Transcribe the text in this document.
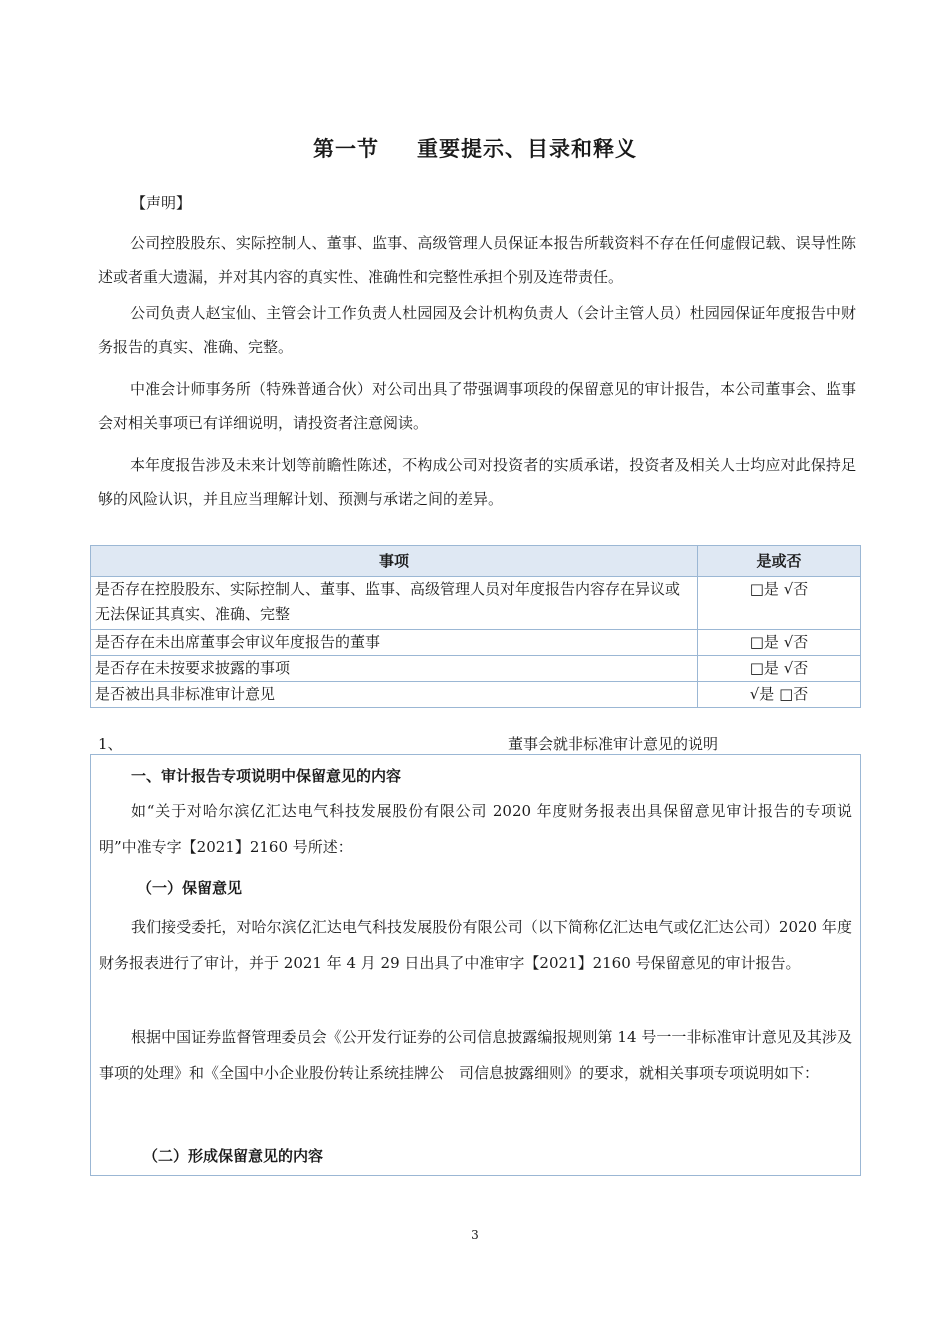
第一节 重要提示、目录和释义
【声明】

公司控股股东、实际控制人、董事、监事、高级管理人员保证本报告所载资料不存在任何虚假记载、误导性陈述或者重大遗漏，并对其内容的真实性、准确性和完整性承担个别及连带责任。

公司负责人赵宝仙、主管会计工作负责人杜园园及会计机构负责人（会计主管人员）杜园园保证年度报告中财务报告的真实、准确、完整。

中准会计师事务所（特殊普通合伙）对公司出具了带强调事项段的保留意见的审计报告，本公司董事会、监事会对相关事项已有详细说明，请投资者注意阅读。

本年度报告涉及未来计划等前瞻性陈述，不构成公司对投资者的实质承诺，投资者及相关人士均应对此保持足够的风险认识，并且应当理解计划、预测与承诺之间的差异。

事项	是或否
是否存在控股股东、实际控制人、董事、监事、高级管理人员对年度报告内容存在异议或无法保证其真实、准确、完整	□是 √否
是否存在未出席董事会审议年度报告的董事	□是 √否
是否存在未按要求披露的事项	□是 √否
是否被出具非标准审计意见	√是 □否
1、	董事会就非标准审计意见的说明
一、审计报告专项说明中保留意见的内容

如“关于对哈尔滨亿汇达电气科技发展股份有限公司 2020 年度财务报表出具保留意见审计报告的专项说明”中准专字【2021】2160 号所述：

（一）保留意见

我们接受委托，对哈尔滨亿汇达电气科技发展股份有限公司（以下简称亿汇达电气或亿汇达公司）2020 年度财务报表进行了审计，并于 2021 年 4 月 29 日出具了中准审字【2021】2160 号保留意见的审计报告。

根据中国证券监督管理委员会《公开发行证券的公司信息披露编报规则第 14 号一一非标准审计意见及其涉及事项的处理》和《全国中小企业股份转让系统挂牌公　司信息披露细则》的要求，就相关事项专项说明如下：

（二）形成保留意见的内容
3
